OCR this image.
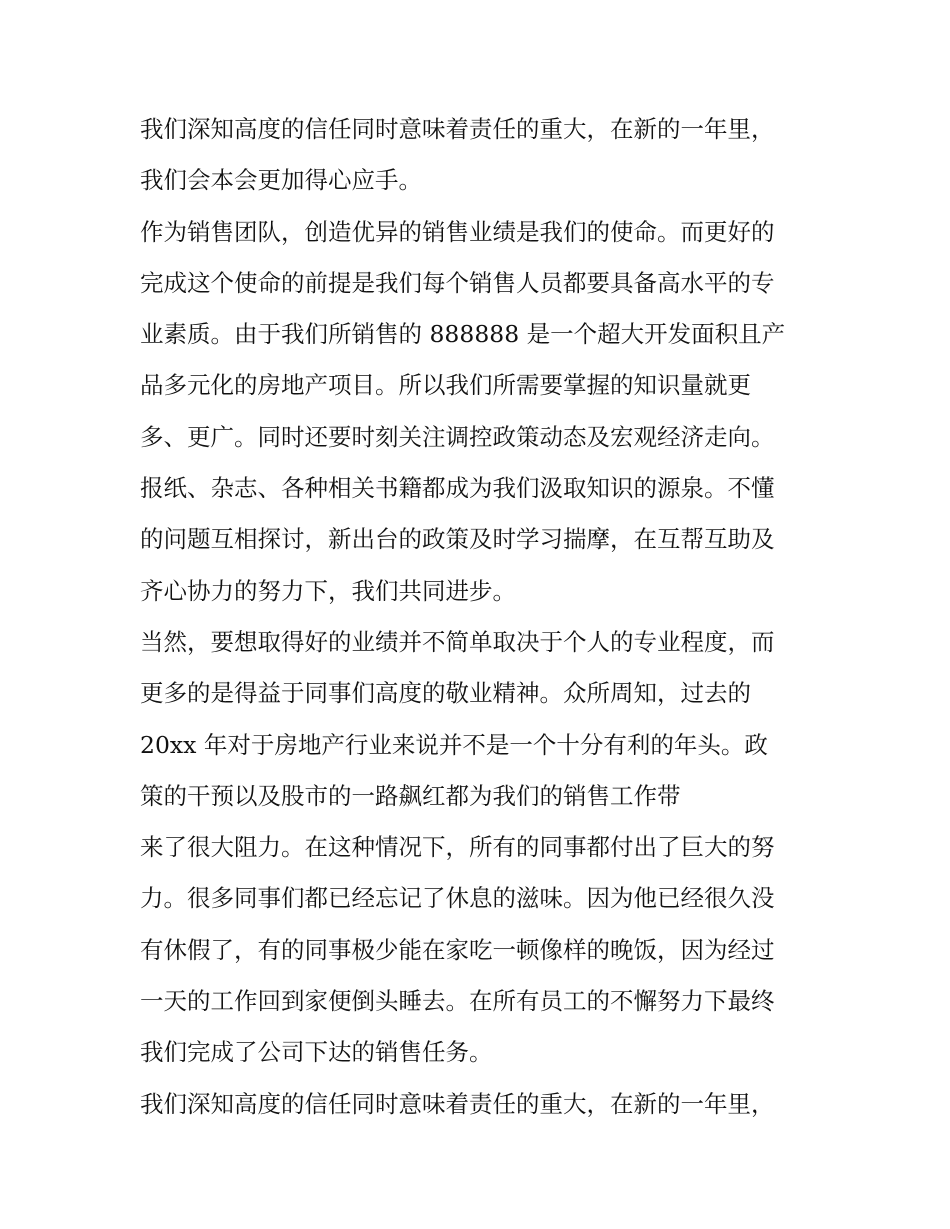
我们深知高度的信任同时意味着责任的重大，在新的一年里，
我们会本会更加得心应手。
作为销售团队，创造优异的销售业绩是我们的使命。而更好的
完成这个使命的前提是我们每个销售人员都要具备高水平的专
业素质。由于我们所销售的 888888 是一个超大开发面积且产
品多元化的房地产项目。所以我们所需要掌握的知识量就更
多、更广。同时还要时刻关注调控政策动态及宏观经济走向。
报纸、杂志、各种相关书籍都成为我们汲取知识的源泉。不懂
的问题互相探讨，新出台的政策及时学习揣摩，在互帮互助及
齐心协力的努力下，我们共同进步。
当然，要想取得好的业绩并不简单取决于个人的专业程度，而
更多的是得益于同事们高度的敬业精神。众所周知，过去的
20xx 年对于房地产行业来说并不是一个十分有利的年头。政
策的干预以及股市的一路飙红都为我们的销售工作带
来了很大阻力。在这种情况下，所有的同事都付出了巨大的努
力。很多同事们都已经忘记了休息的滋味。因为他已经很久没
有休假了，有的同事极少能在家吃一顿像样的晚饭，因为经过
一天的工作回到家便倒头睡去。在所有员工的不懈努力下最终
我们完成了公司下达的销售任务。
我们深知高度的信任同时意味着责任的重大，在新的一年里，
